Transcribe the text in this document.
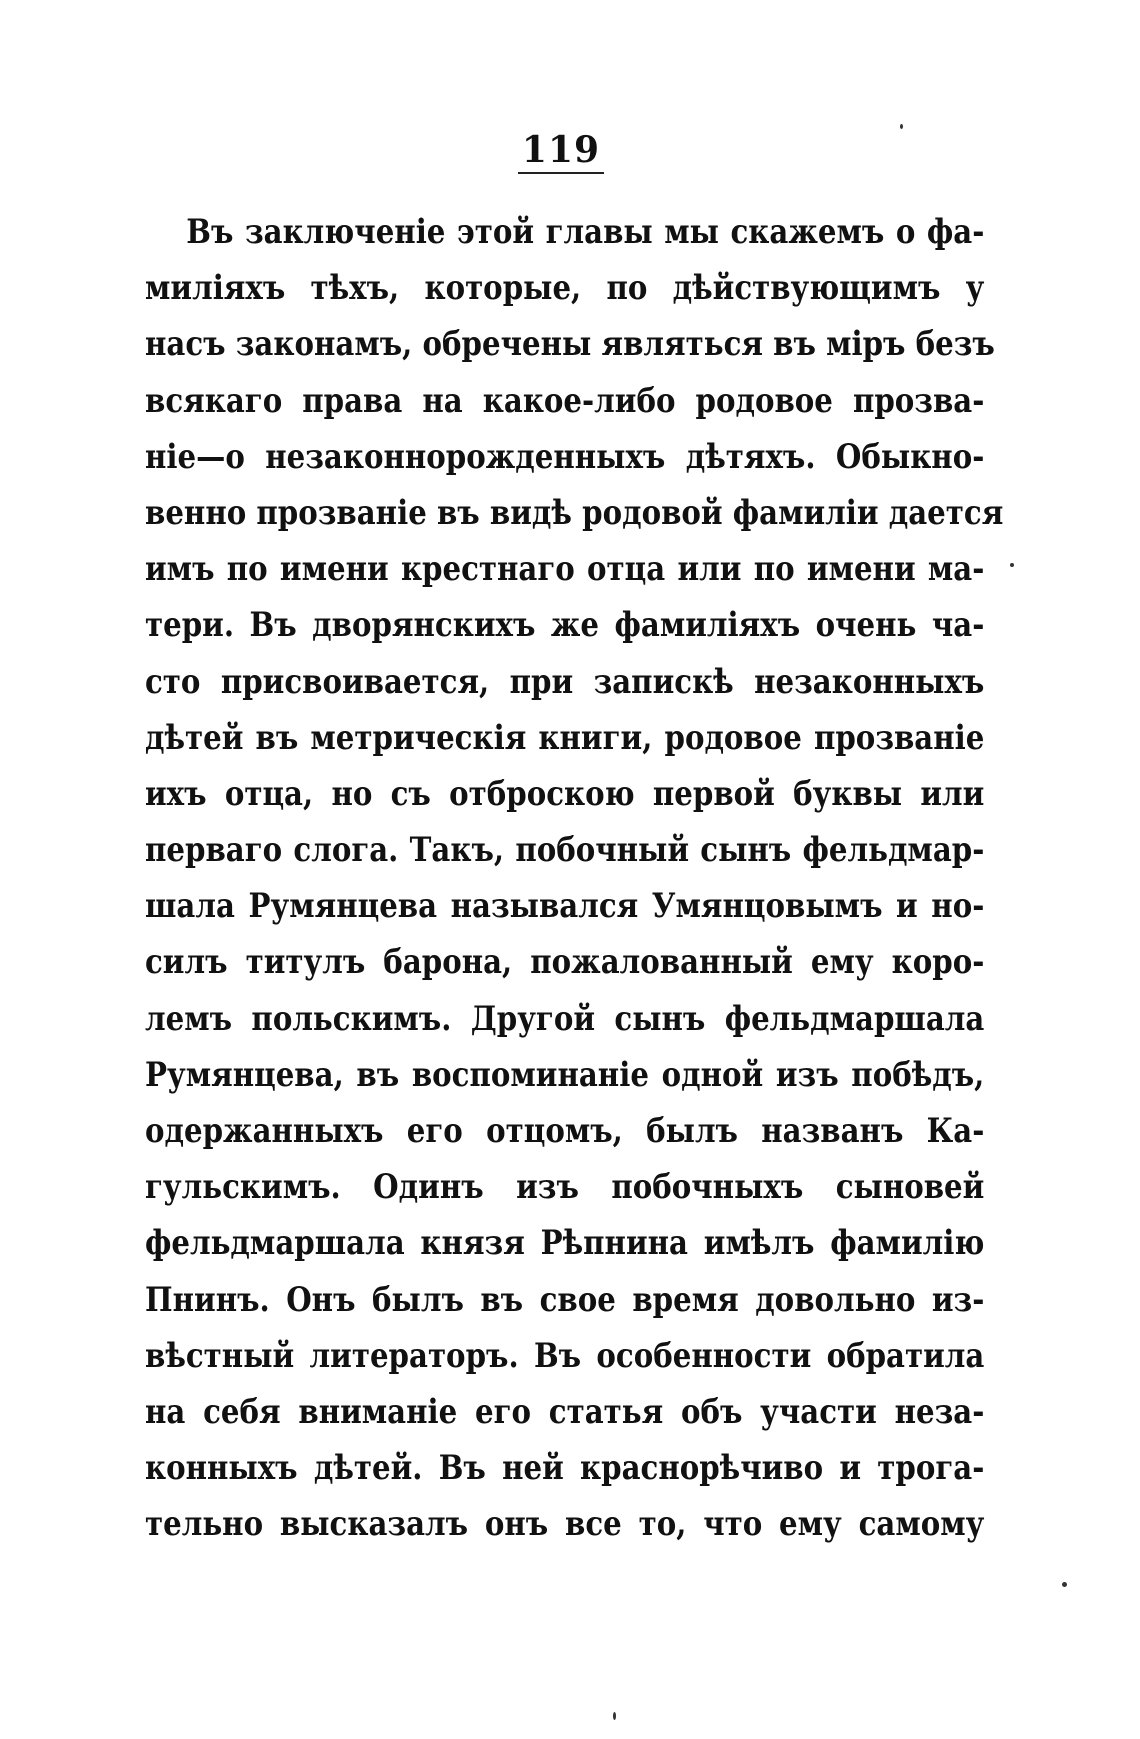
119
Въ заключеніе этой главы мы скажемъ о фа-
миліяхъ тѣхъ, которые, по дѣйствующимъ у
насъ законамъ, обречены являться въ міръ безъ
всякаго права на какое-либо родовое прозва-
ніе—о незаконнорожденныхъ дѣтяхъ. Обыкно-
венно прозваніе въ видѣ родовой фамиліи дается
имъ по имени крестнаго отца или по имени ма-
тери. Въ дворянскихъ же фамиліяхъ очень ча-
сто присвоивается, при запискѣ незаконныхъ
дѣтей въ метрическія книги, родовое прозваніе
ихъ отца, но съ отброскою первой буквы или
перваго слога. Такъ, побочный сынъ фельдмар-
шала Румянцева назывался Умянцовымъ и но-
силъ титулъ барона, пожалованный ему коро-
лемъ польскимъ. Другой сынъ фельдмаршала
Румянцева, въ воспоминаніе одной изъ побѣдъ,
одержанныхъ его отцомъ, былъ названъ Ка-
гульскимъ. Одинъ изъ побочныхъ сыновей
фельдмаршала князя Рѣпнина имѣлъ фамилію
Пнинъ. Онъ былъ въ свое время довольно из-
вѣстный литераторъ. Въ особенности обратила
на себя вниманіе его статья объ участи неза-
конныхъ дѣтей. Въ ней краснорѣчиво и трога-
тельно высказалъ онъ все то, что ему самому
